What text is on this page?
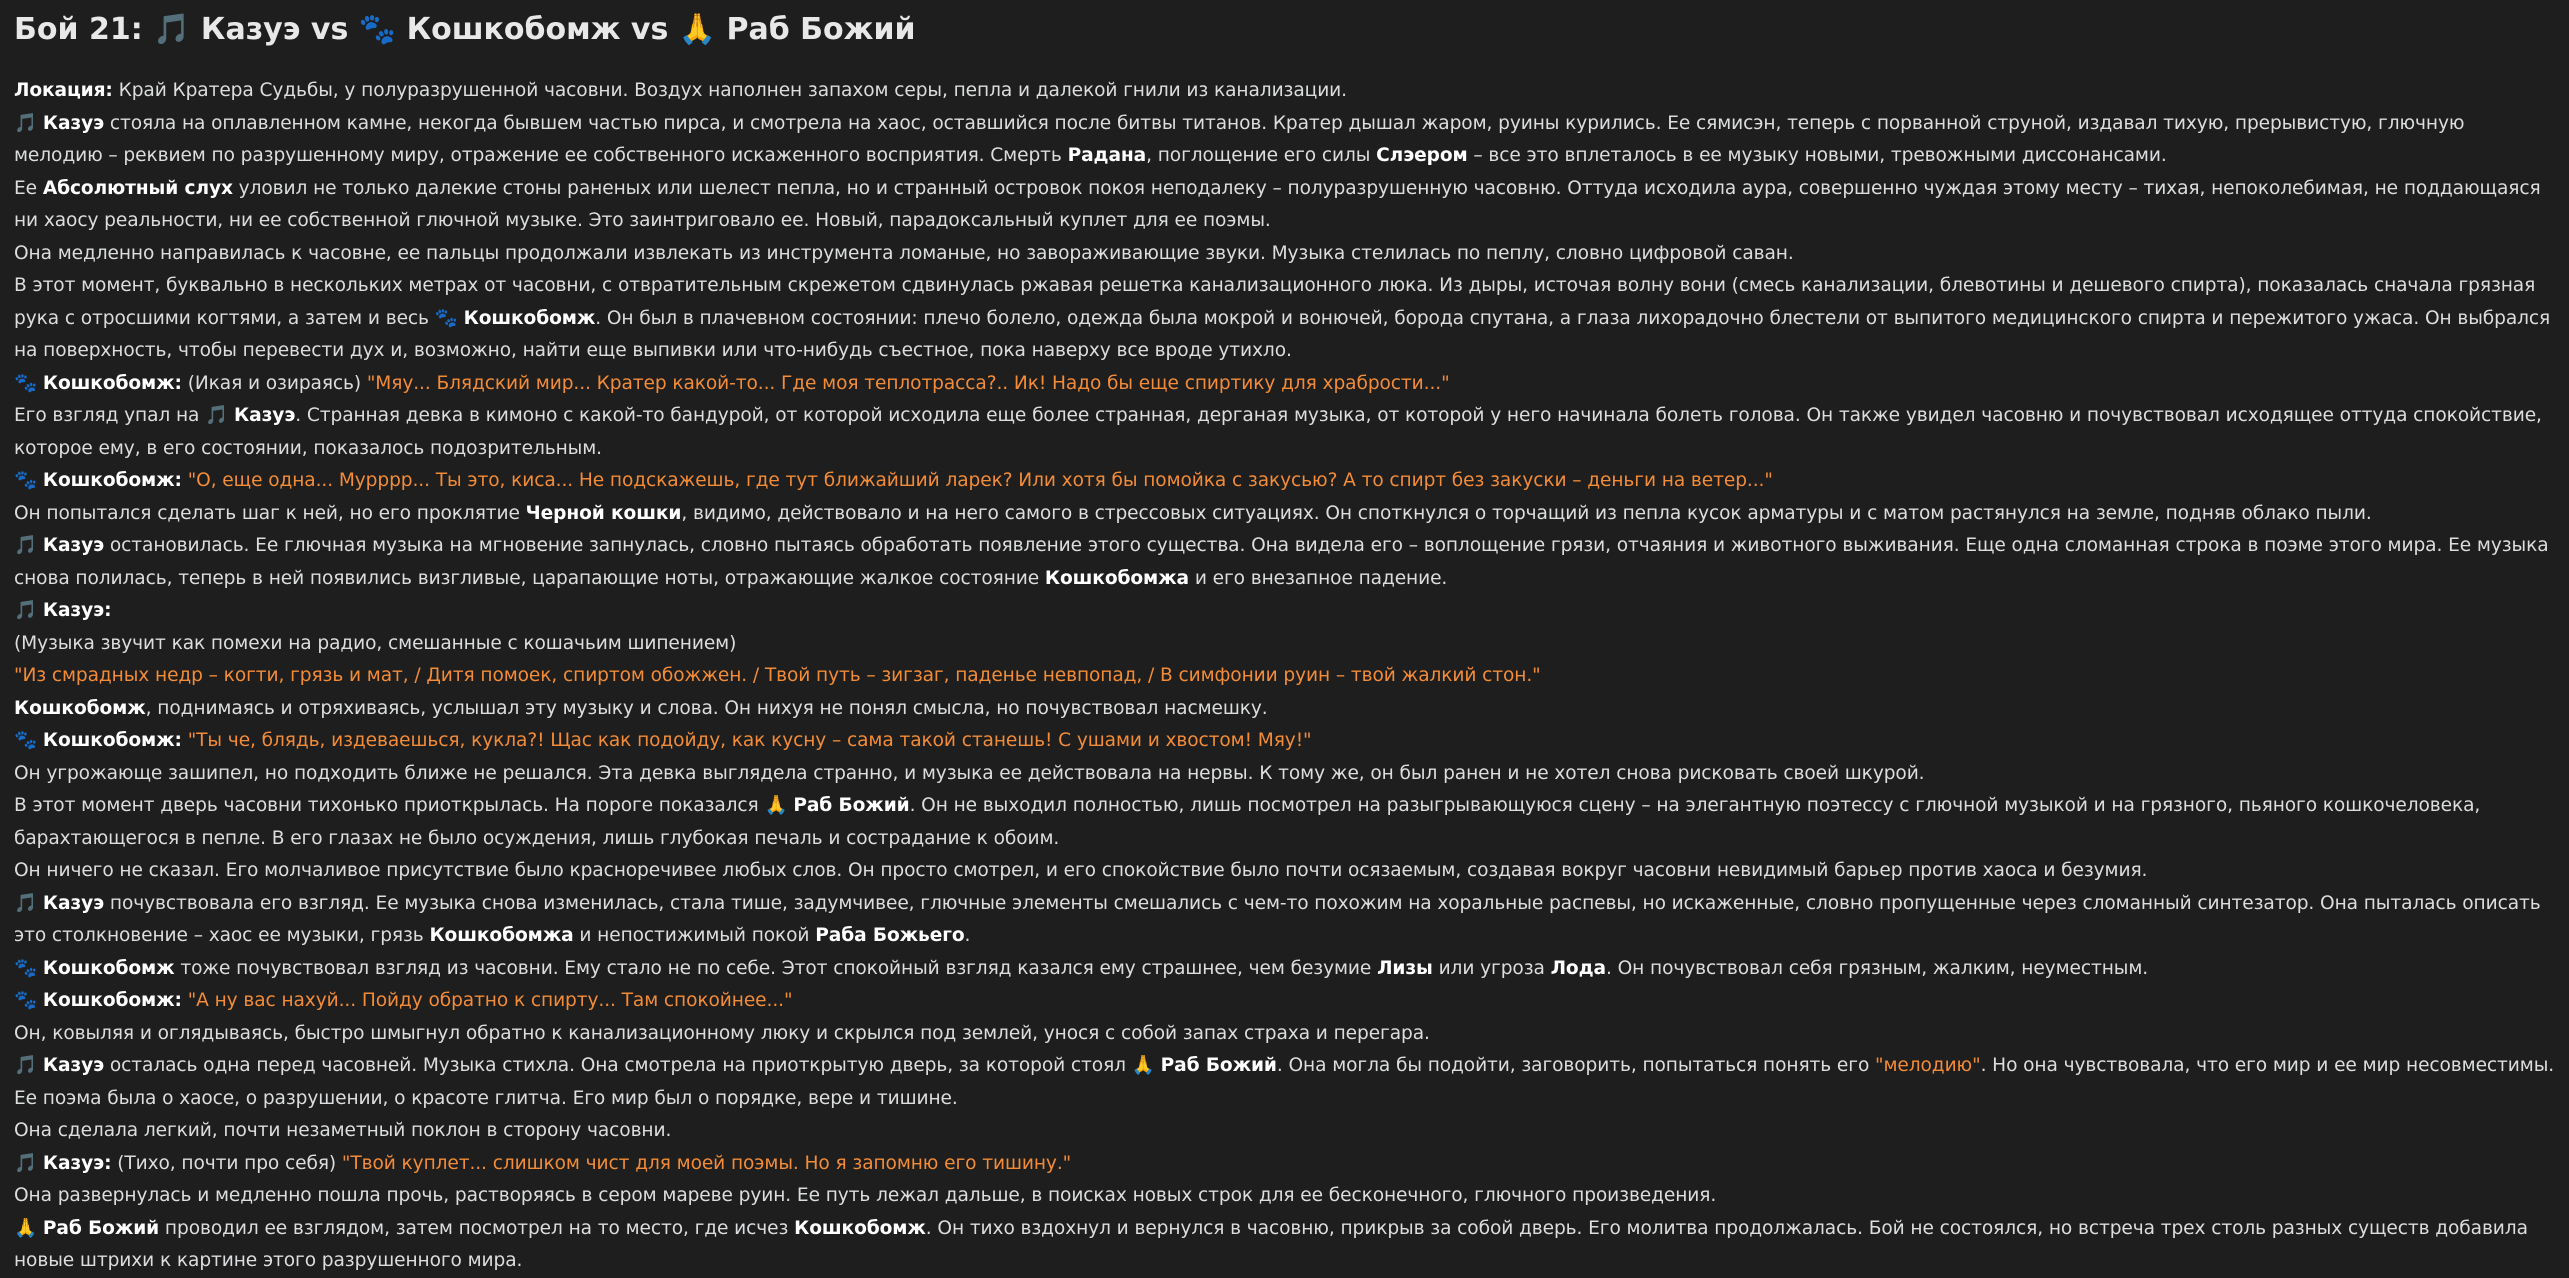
Бой 21: 🎵 Казуэ vs 🐾 Кошкобомж vs 🙏 Раб Божий

Локация: Край Кратера Судьбы, у полуразрушенной часовни. Воздух наполнен запахом серы, пепла и далекой гнили из канализации.

🎵 Казуэ стояла на оплавленном камне, некогда бывшем частью пирса, и смотрела на хаос, оставшийся после битвы титанов. Кратер дышал жаром, руины курились. Ее сямисэн, теперь с порванной струной, издавал тихую, прерывистую, глючную мелодию – реквием по разрушенному миру, отражение ее собственного искаженного восприятия. Смерть Радана, поглощение его силы Слэером – все это вплеталось в ее музыку новыми, тревожными диссонансами.

Ее Абсолютный слух уловил не только далекие стоны раненых или шелест пепла, но и странный островок покоя неподалеку – полуразрушенную часовню. Оттуда исходила аура, совершенно чуждая этому месту – тихая, непоколебимая, не поддающаяся ни хаосу реальности, ни ее собственной глючной музыке. Это заинтриговало ее. Новый, парадоксальный куплет для ее поэмы.

Она медленно направилась к часовне, ее пальцы продолжали извлекать из инструмента ломаные, но завораживающие звуки. Музыка стелилась по пеплу, словно цифровой саван.

В этот момент, буквально в нескольких метрах от часовни, с отвратительным скрежетом сдвинулась ржавая решетка канализационного люка. Из дыры, источая волну вони (смесь канализации, блевотины и дешевого спирта), показалась сначала грязная рука с отросшими когтями, а затем и весь 🐾 Кошкобомж. Он был в плачевном состоянии: плечо болело, одежда была мокрой и вонючей, борода спутана, а глаза лихорадочно блестели от выпитого медицинского спирта и пережитого ужаса. Он выбрался на поверхность, чтобы перевести дух и, возможно, найти еще выпивки или что-нибудь съестное, пока наверху все вроде утихло.

🐾 Кошкобомж: (Икая и озираясь) "Мяу... Блядский мир... Кратер какой-то... Где моя теплотрасса?.. Ик! Надо бы еще спиртику для храбрости..."

Его взгляд упал на 🎵 Казуэ. Странная девка в кимоно с какой-то бандурой, от которой исходила еще более странная, дерганая музыка, от которой у него начинала болеть голова. Он также увидел часовню и почувствовал исходящее оттуда спокойствие, которое ему, в его состоянии, показалось подозрительным.

🐾 Кошкобомж: "О, еще одна... Мурррр... Ты это, киса... Не подскажешь, где тут ближайший ларек? Или хотя бы помойка с закусью? А то спирт без закуски – деньги на ветер..."

Он попытался сделать шаг к ней, но его проклятие Черной кошки, видимо, действовало и на него самого в стрессовых ситуациях. Он споткнулся о торчащий из пепла кусок арматуры и с матом растянулся на земле, подняв облако пыли.

🎵 Казуэ остановилась. Ее глючная музыка на мгновение запнулась, словно пытаясь обработать появление этого существа. Она видела его – воплощение грязи, отчаяния и животного выживания. Еще одна сломанная строка в поэме этого мира. Ее музыка снова полилась, теперь в ней появились визгливые, царапающие ноты, отражающие жалкое состояние Кошкобомжа и его внезапное падение.

🎵 Казуэ:

(Музыка звучит как помехи на радио, смешанные с кошачьим шипением)

"Из смрадных недр – когти, грязь и мат, / Дитя помоек, спиртом обожжен. / Твой путь – зигзаг, паденье невпопад, / В симфонии руин – твой жалкий стон."

Кошкобомж, поднимаясь и отряхиваясь, услышал эту музыку и слова. Он нихуя не понял смысла, но почувствовал насмешку.

🐾 Кошкобомж: "Ты че, блядь, издеваешься, кукла?! Щас как подойду, как кусну – сама такой станешь! С ушами и хвостом! Мяу!"

Он угрожающе зашипел, но подходить ближе не решался. Эта девка выглядела странно, и музыка ее действовала на нервы. К тому же, он был ранен и не хотел снова рисковать своей шкурой.

В этот момент дверь часовни тихонько приоткрылась. На пороге показался 🙏 Раб Божий. Он не выходил полностью, лишь посмотрел на разыгрывающуюся сцену – на элегантную поэтессу с глючной музыкой и на грязного, пьяного кошкочеловека, барахтающегося в пепле. В его глазах не было осуждения, лишь глубокая печаль и сострадание к обоим.

Он ничего не сказал. Его молчаливое присутствие было красноречивее любых слов. Он просто смотрел, и его спокойствие было почти осязаемым, создавая вокруг часовни невидимый барьер против хаоса и безумия.

🎵 Казуэ почувствовала его взгляд. Ее музыка снова изменилась, стала тише, задумчивее, глючные элементы смешались с чем-то похожим на хоральные распевы, но искаженные, словно пропущенные через сломанный синтезатор. Она пыталась описать это столкновение – хаос ее музыки, грязь Кошкобомжа и непостижимый покой Раба Божьего.

🐾 Кошкобомж тоже почувствовал взгляд из часовни. Ему стало не по себе. Этот спокойный взгляд казался ему страшнее, чем безумие Лизы или угроза Лода. Он почувствовал себя грязным, жалким, неуместным.

🐾 Кошкобомж: "А ну вас нахуй... Пойду обратно к спирту... Там спокойнее..."

Он, ковыляя и оглядываясь, быстро шмыгнул обратно к канализационному люку и скрылся под землей, унося с собой запах страха и перегара.

🎵 Казуэ осталась одна перед часовней. Музыка стихла. Она смотрела на приоткрытую дверь, за которой стоял 🙏 Раб Божий. Она могла бы подойти, заговорить, попытаться понять его "мелодию". Но она чувствовала, что его мир и ее мир несовместимы. Ее поэма была о хаосе, о разрушении, о красоте глитча. Его мир был о порядке, вере и тишине.

Она сделала легкий, почти незаметный поклон в сторону часовни.

🎵 Казуэ: (Тихо, почти про себя) "Твой куплет... слишком чист для моей поэмы. Но я запомню его тишину."

Она развернулась и медленно пошла прочь, растворяясь в сером мареве руин. Ее путь лежал дальше, в поисках новых строк для ее бесконечного, глючного произведения.

🙏 Раб Божий проводил ее взглядом, затем посмотрел на то место, где исчез Кошкобомж. Он тихо вздохнул и вернулся в часовню, прикрыв за собой дверь. Его молитва продолжалась. Бой не состоялся, но встреча трех столь разных существ добавила новые штрихи к картине этого разрушенного мира.
